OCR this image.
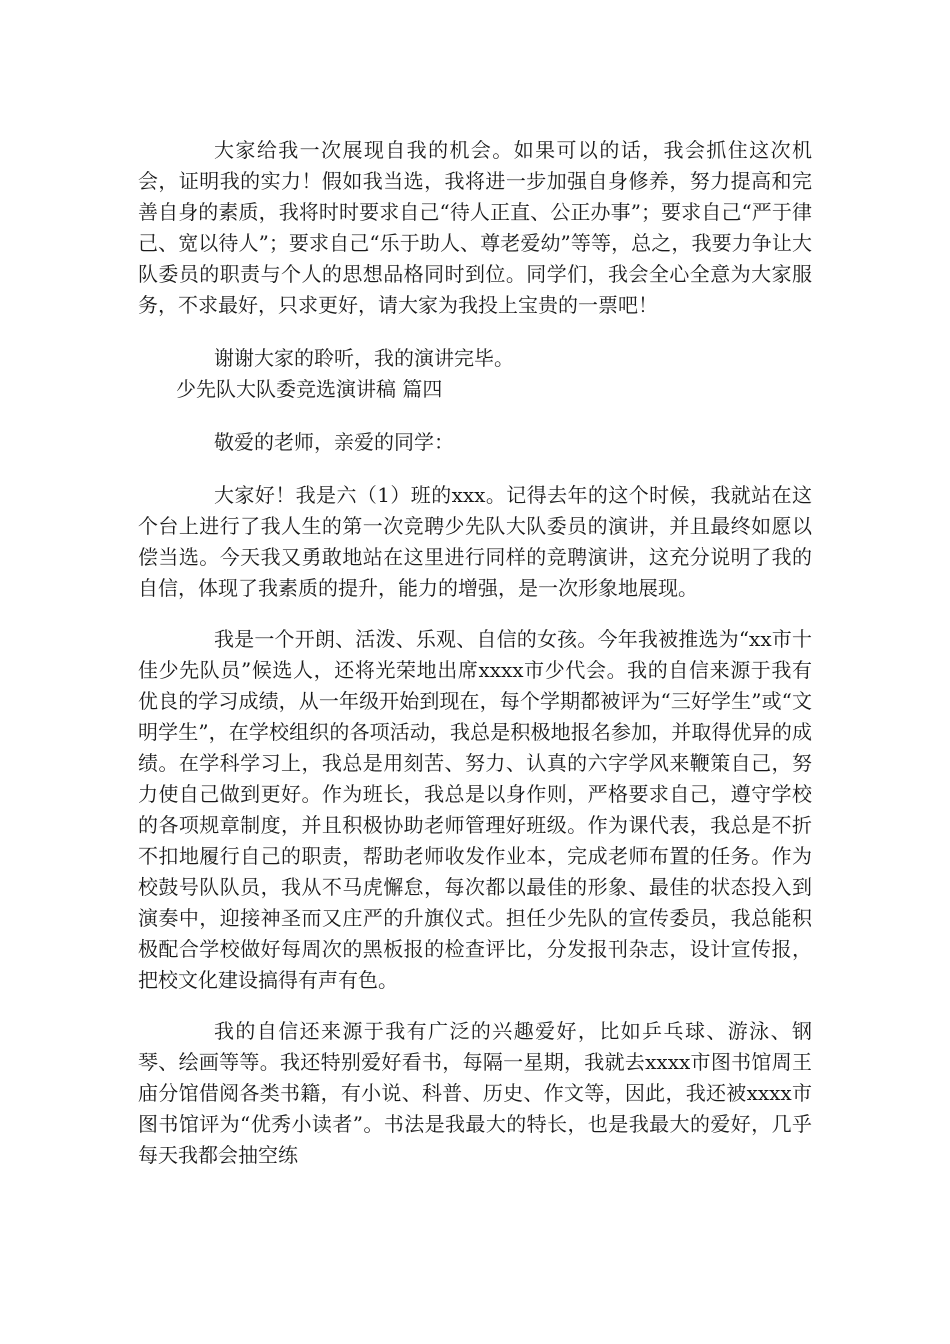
大家给我一次展现自我的机会。如果可以的话，我会抓住这次机会，证明我的实力！假如我当选，我将进一步加强自身修养，努力提高和完善自身的素质，我将时时要求自己“待人正直、公正办事”；要求自己“严于律己、宽以待人”；要求自己“乐于助人、尊老爱幼”等等，总之，我要力争让大队委员的职责与个人的思想品格同时到位。同学们，我会全心全意为大家服务，不求最好，只求更好，请大家为我投上宝贵的一票吧！

谢谢大家的聆听，我的演讲完毕。

少先队大队委竞选演讲稿 篇四

敬爱的老师，亲爱的同学：

大家好！我是六（1）班的xxx。记得去年的这个时候，我就站在这个台上进行了我人生的第一次竞聘少先队大队委员的演讲，并且最终如愿以偿当选。今天我又勇敢地站在这里进行同样的竞聘演讲，这充分说明了我的自信，体现了我素质的提升，能力的增强，是一次形象地展现。

我是一个开朗、活泼、乐观、自信的女孩。今年我被推选为“xx市十佳少先队员”候选人，还将光荣地出席xxxx市少代会。我的自信来源于我有优良的学习成绩，从一年级开始到现在，每个学期都被评为“三好学生”或“文明学生”，在学校组织的各项活动，我总是积极地报名参加，并取得优异的成绩。在学科学习上，我总是用刻苦、努力、认真的六字学风来鞭策自己，努力使自己做到更好。作为班长，我总是以身作则，严格要求自己，遵守学校的各项规章制度，并且积极协助老师管理好班级。作为课代表，我总是不折不扣地履行自己的职责，帮助老师收发作业本，完成老师布置的任务。作为校鼓号队队员，我从不马虎懈怠，每次都以最佳的形象、最佳的状态投入到演奏中，迎接神圣而又庄严的升旗仪式。担任少先队的宣传委员，我总能积极配合学校做好每周次的黑板报的检查评比，分发报刊杂志，设计宣传报，把校文化建设搞得有声有色。

我的自信还来源于我有广泛的兴趣爱好，比如乒乓球、游泳、钢琴、绘画等等。我还特别爱好看书，每隔一星期，我就去xxxx市图书馆周王庙分馆借阅各类书籍，有小说、科普、历史、作文等，因此，我还被xxxx市图书馆评为“优秀小读者”。书法是我最大的特长，也是我最大的爱好，几乎每天我都会抽空练
